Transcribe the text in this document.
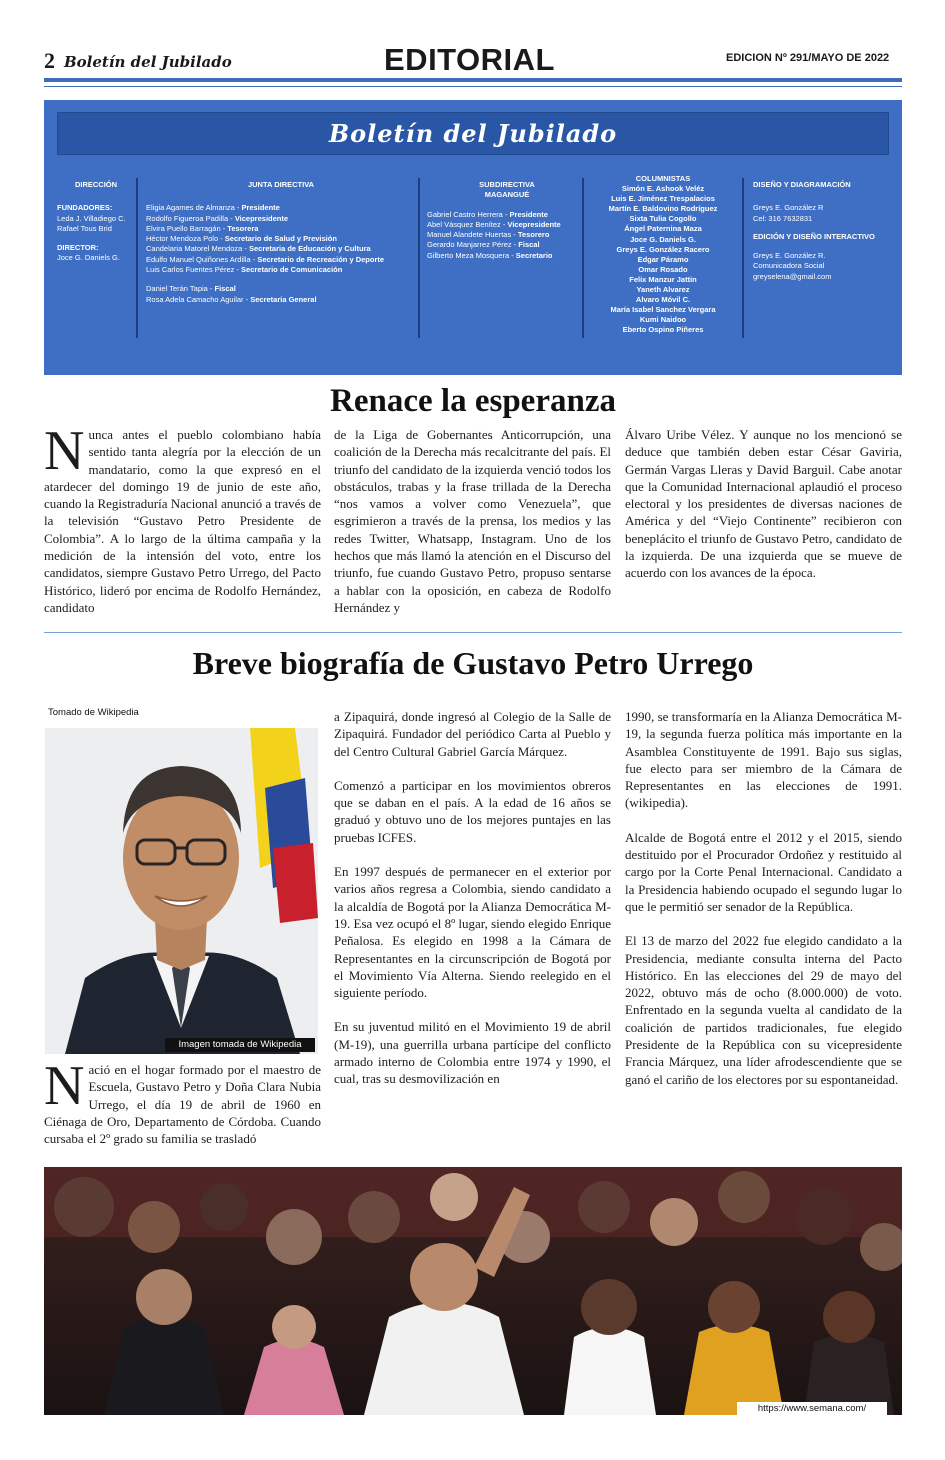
2 Boletín del Jubilado	EDITORIAL	EDICION Nº 291/MAYO DE 2022
Boletín del Jubilado
DIRECCIÓN
FUNDADORES:
Leda J. Villadiego C.
Rafael Tous Brid
DIRECTOR:
Joce G. Daniels G.
JUNTA DIRECTIVA
Eligia Agames de Almanza - Presidente
Rodolfo Figueroa Padilla - Vicepresidente
Elvira Puello Barragán - Tesorera
Héctor Mendoza Polo - Secretario de Salud y Previsión
Candelaria Matorel Mendoza - Secretaria de Educación y Cultura
Edulfo Manuel Quiñones Ardilla - Secretario de Recreación y Deporte
Luis Carlos Fuentes Pérez - Secretario de Comunicación
Daniel Terán Tapia - Fiscal
Rosa Adela Camacho Aguilar - Secretaria General
SUBDIRECTIVA
MAGANGUÉ
Gabriel Castro Herrera - Presidente
Abel Vásquez Benítez - Vicepresidente
Manuel Alandete Huertas - Tesorero
Gerardo Manjarrez Pérez - Fiscal
Gilberto Meza Mosquera - Secretario
COLUMNISTAS
Simón E. Ashook Veléz
Luis E. Jiménez Trespalacios
Martín E. Baldovino Rodríguez
Sixta Tulia Cogollo
Ángel Paternina Maza
Joce G. Daniels G.
Greys E. González Racero
Edgar Páramo
Omar Rosado
Felix Manzur Jattin
Yaneth Alvarez
Alvaro Móvil C.
María Isabel Sanchez Vergara
Kumi Naidoo
Eberto Ospino Piñeres
DISEÑO Y DIAGRAMACIÓN
Greys E. González R
Cel: 316 7632831
EDICIÓN Y DISEÑO INTERACTIVO
Greys E. González R.
Comunicadora Social
greyselena@gmail.com
Renace la esperanza
Nunca antes el pueblo colombiano había sentido tanta alegría por la elección de un mandatario, como la que expresó en el atardecer del domingo 19 de junio de este año, cuando la Registraduría Nacional anunció a través de la televisión “Gustavo Petro Presidente de Colombia”. A lo largo de la última campaña y la medición de la intensión del voto, entre los candidatos, siempre Gustavo Petro Urrego, del Pacto Histórico, lideró por encima de Rodolfo Hernández, candidato
de la Liga de Gobernantes Anticorrupción, una coalición de la Derecha más recalcitrante del país. El triunfo del candidato de la izquierda venció todos los obstáculos, trabas y la frase trillada de la Derecha “nos vamos a volver como Venezuela”, que esgrimieron a través de la prensa, los medios y las redes Twitter, Whatsapp, Instagram. Uno de los hechos que más llamó la atención en el Discurso del triunfo, fue cuando Gustavo Petro, propuso sentarse a hablar con la oposición, en cabeza de Rodolfo Hernández y
Álvaro Uribe Vélez. Y aunque no los mencionó se deduce que también deben estar César Gaviria, Germán Vargas Lleras y David Barguil. Cabe anotar que la Comunidad Internacional aplaudió el proceso electoral y los presidentes de diversas naciones de América y del “Viejo Continente” recibieron con beneplácito el triunfo de Gustavo Petro, candidato de la izquierda. De una izquierda que se mueve de acuerdo con los avances de la época.
Breve biografía de Gustavo Petro Urrego
Tomado de Wikipedia
Imagen tomada de Wikipedia
Nació en el hogar formado por el maestro de Escuela, Gustavo Petro y Doña Clara Nubia Urrego, el día 19 de abril de 1960 en Ciénaga de Oro, Departamento de Córdoba. Cuando cursaba el 2º grado su familia se trasladó

a Zipaquirá, donde ingresó al Colegio de la Salle de Zipaquirá. Fundador del periódico Carta al Pueblo y del Centro Cultural Gabriel García Márquez.

Comenzó a participar en los movimientos obreros que se daban en el país. A la edad de 16 años se graduó y obtuvo uno de los mejores puntajes en las pruebas ICFES.

En 1997 después de permanecer en el exterior por varios años regresa a Colombia, siendo candidato a la alcaldía de Bogotá por la Alianza Democrática M-19. Esa vez ocupó el 8º lugar, siendo elegido Enrique Peñalosa. Es elegido en 1998 a la Cámara de Representantes en la circunscripción de Bogotá por el Movimiento Vía Alterna. Siendo reelegido en el siguiente período.

En su juventud militó en el Movimiento 19 de abril (M-19), una guerrilla urbana partícipe del conflicto armado interno de Colombia entre 1974 y 1990, el cual, tras su desmovilización en

1990, se transformaría en la Alianza Democrática M-19, la segunda fuerza política más importante en la Asamblea Constituyente de 1991. Bajo sus siglas, fue electo para ser miembro de la Cámara de Representantes en las elecciones de 1991. (wikipedia).

Alcalde de Bogotá entre el 2012 y el 2015, siendo destituido por el Procurador Ordoñez y restituido al cargo por la Corte Penal Internacional. Candidato a la Presidencia habiendo ocupado el segundo lugar lo que le permitió ser senador de la República.

El 13 de marzo del 2022 fue elegido candidato a la Presidencia, mediante consulta interna del Pacto Histórico. En las elecciones del 29 de mayo del 2022, obtuvo más de ocho (8.000.000) de voto. Enfrentado en la segunda vuelta al candidato de la coalición de partidos tradicionales, fue elegido Presidente de la República con su vicepresidente Francia Márquez, una líder afrodescendiente que se ganó el cariño de los electores por su espontaneidad.

https://www.semana.com/
